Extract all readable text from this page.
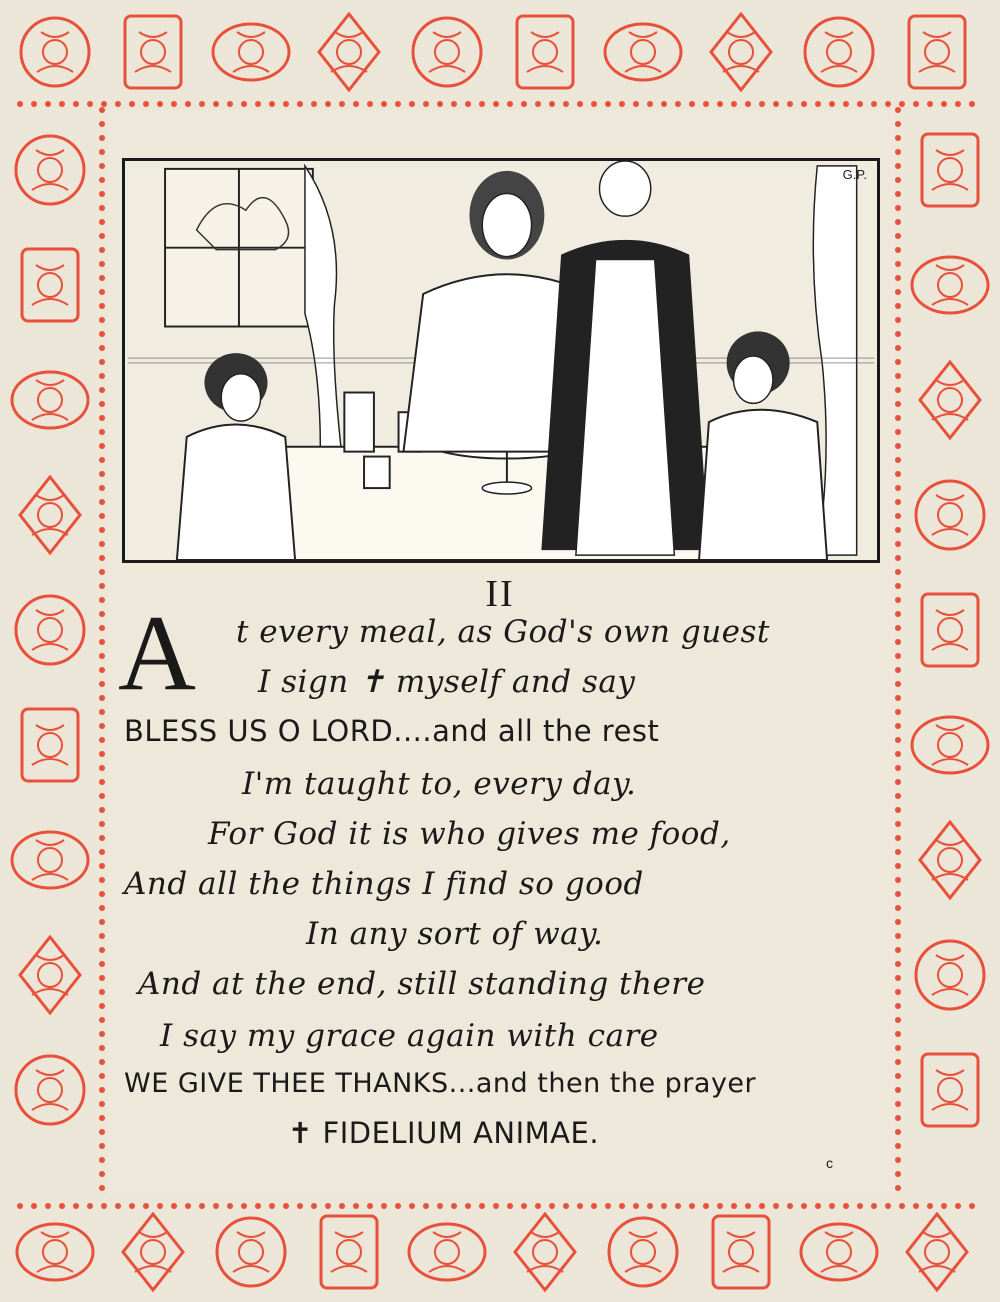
G.P.
II
A t every meal, as God's own guest
I sign ✝ myself and say
BLESS US O LORD....and all the rest
I'm taught to, every day.
For God it is who gives me food,
And all the things I find so good
In any sort of way.
And at the end, still standing there
I say my grace again with care
WE GIVE THEE THANKS...and then the prayer
✝ FIDELIUM ANIMAE.
c
